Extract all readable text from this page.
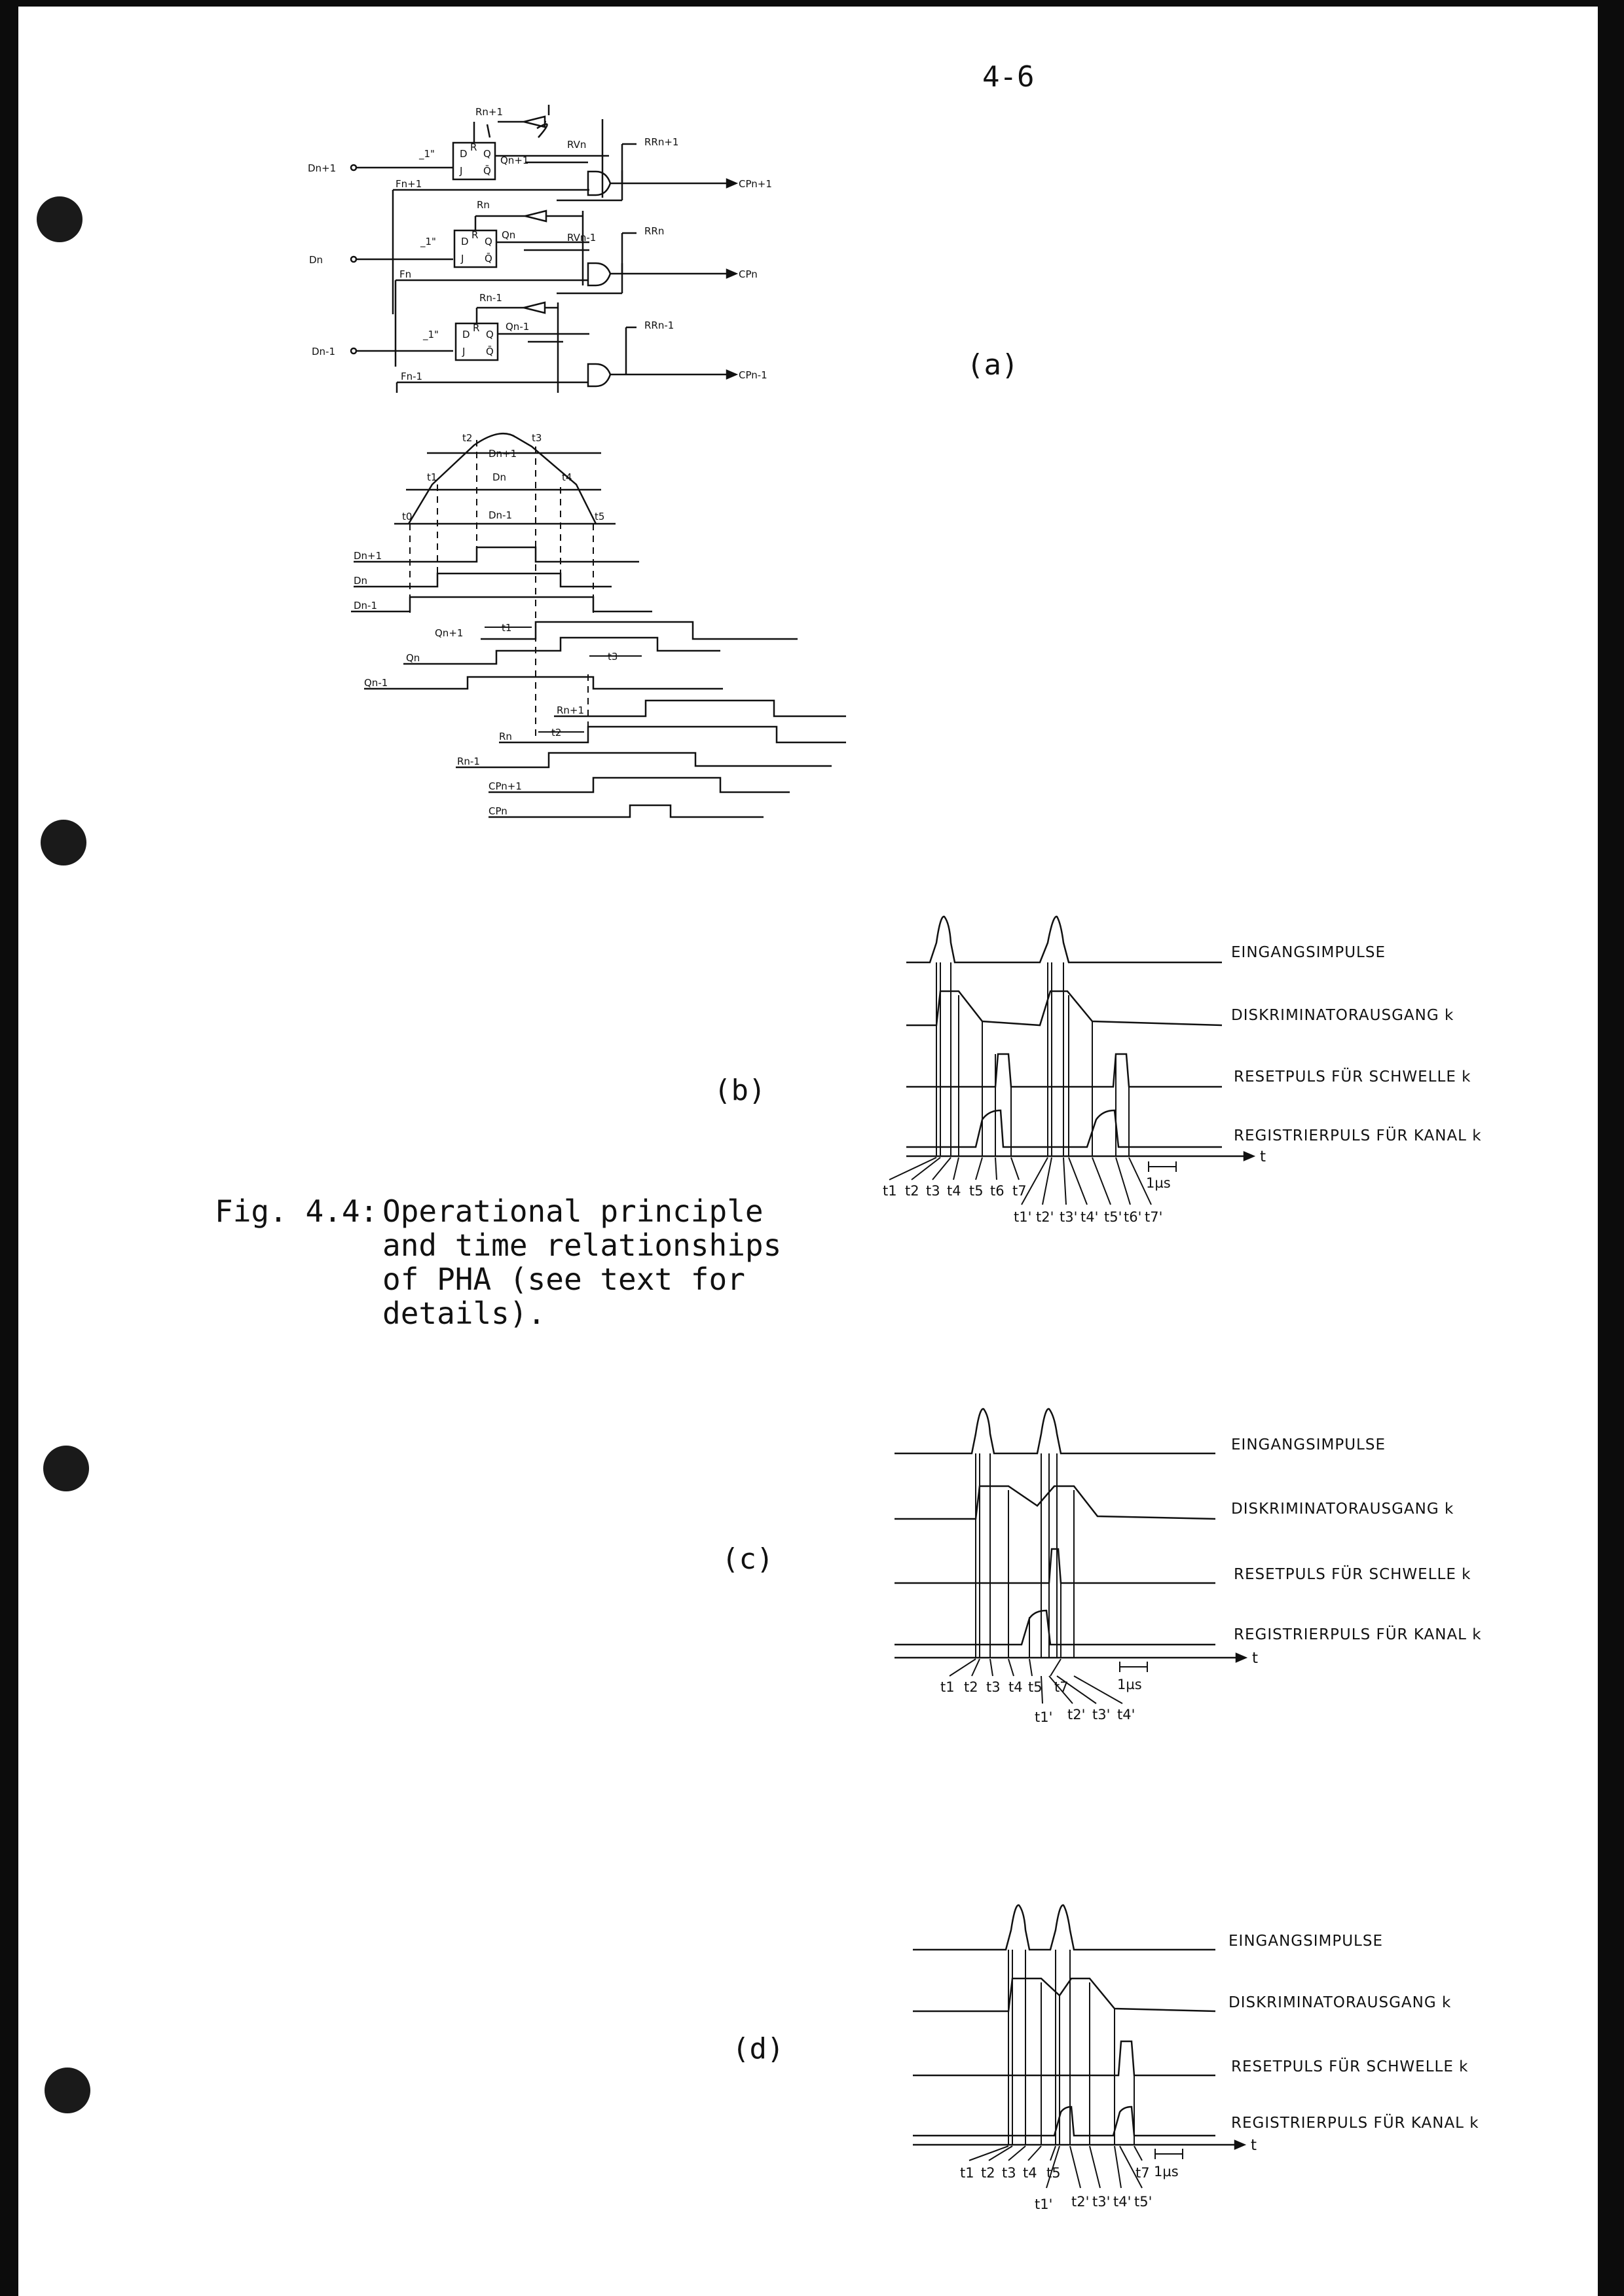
4-6
(a)
(b)
(c)
(d)
Fig. 4.4: Operational principle and time relationships of PHA (see text for details).
D
R
Q
J Q̄
D
R
Q
J Q̄
D
R
Q
J Q̄
Dn+1
Dn
Dn-1
CPn+1
CPn
CPn-1
RRn+1
RRn
RRn-1
RVn
RVn-1
Fn+1
Fn
Fn-1
Rn+1
Rn
Rn-1
Qn+1
Qn
Qn-1
_1"
_1"
_1"
t0
t1
t2	t3
t4
t5
Dn+1
Dn
Dn-1
Dn+1
Dn
Dn-1
Qn+1
Qn
Qn-1
Rn+1
Rn
Rn-1
CPn+1
CPn
t1
t3
t2
EINGANGSIMPULSE
DISKRIMINATORAUSGANG k
RESETPULS FÜR SCHWELLE k
REGISTRIERPULS FÜR KANAL k
t
1µs
t1 t2 t3 t4 t5 t6 t7
t1' t2' t3' t4' t5' t6' t7'
EINGANGSIMPULSE
DISKRIMINATORAUSGANG k
RESETPULS FÜR SCHWELLE k
REGISTRIERPULS FÜR KANAL k
t
1µs
t1 t2 t3 t4 t5 t7
t1' t2' t3' t4'
EINGANGSIMPULSE
DISKRIMINATORAUSGANG k
RESETPULS FÜR SCHWELLE k
REGISTRIERPULS FÜR KANAL k
t
1µs
t1 t2 t3 t4 t5	t7
t1' t2' t3' t4' t5'
